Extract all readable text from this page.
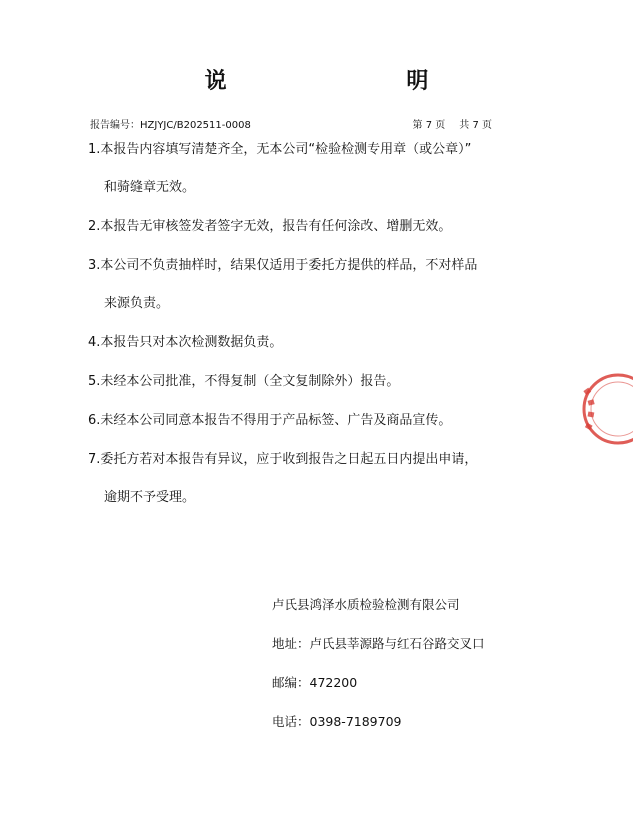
说 明
报告编号：HZJYJC/B202511-0008	第 7 页 共 7 页

1.本报告内容填写清楚齐全，无本公司“检验检测专用章（或公章）”

和骑缝章无效。

2.本报告无审核签发者签字无效，报告有任何涂改、增删无效。

3.本公司不负责抽样时，结果仅适用于委托方提供的样品，不对样品

来源负责。

4.本报告只对本次检测数据负责。

5.未经本公司批准，不得复制（全文复制除外）报告。

6.未经本公司同意本报告不得用于产品标签、广告及商品宣传。

7.委托方若对本报告有异议，应于收到报告之日起五日内提出申请，

逾期不予受理。

卢氏县鸿泽水质检验检测有限公司
地址：卢氏县莘源路与红石谷路交叉口
邮编：472200
电话：0398-7189709
